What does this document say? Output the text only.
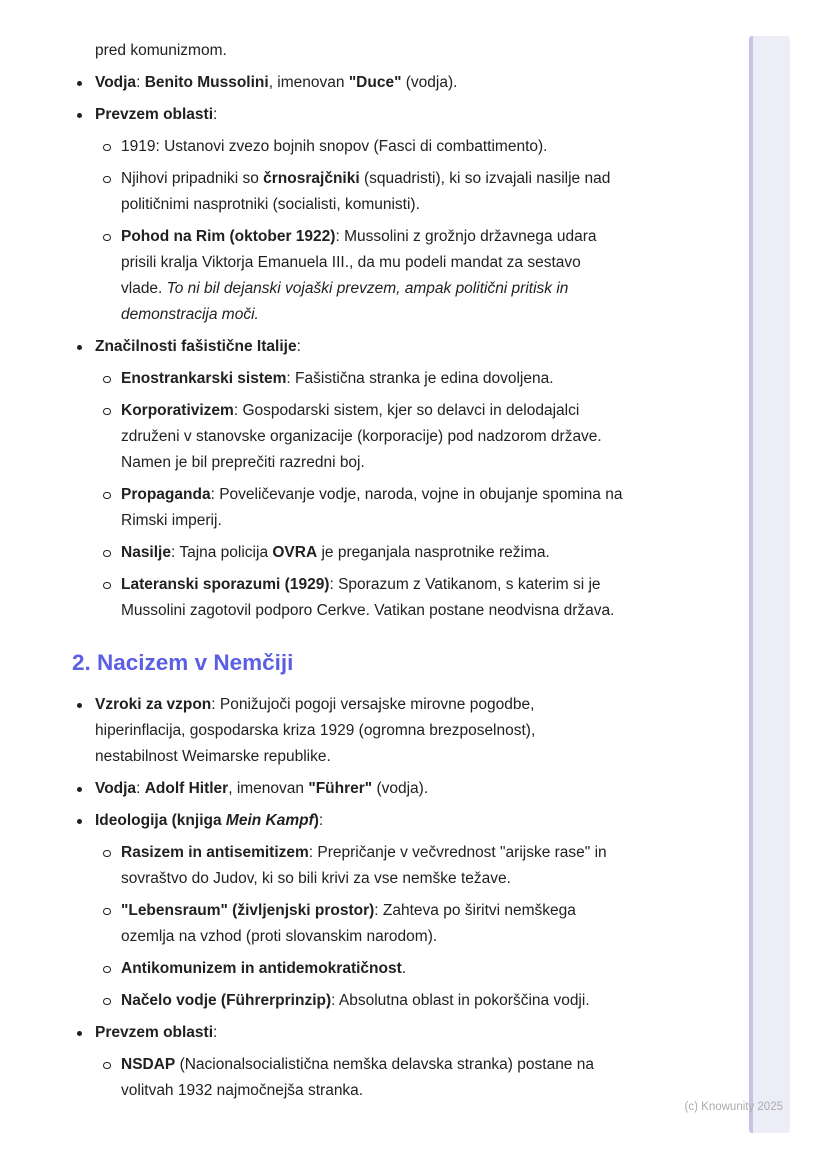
pred komunizmom.
Vodja: Benito Mussolini, imenovan "Duce" (vodja).
Prevzem oblasti:
1919: Ustanovi zvezo bojnih snopov (Fasci di combattimento).
Njihovi pripadniki so črnosrajčniki (squadristi), ki so izvajali nasilje nad
političnimi nasprotniki (socialisti, komunisti).
Pohod na Rim (oktober 1922): Mussolini z grožnjo državnega udara
prisili kralja Viktorja Emanuela III., da mu podeli mandat za sestavo
vlade. To ni bil dejanski vojaški prevzem, ampak politični pritisk in
demonstracija moči.
Značilnosti fašistične Italije:
Enostrankarski sistem: Fašistična stranka je edina dovoljena.
Korporativizem: Gospodarski sistem, kjer so delavci in delodajalci
združeni v stanovske organizacije (korporacije) pod nadzorom države.
Namen je bil preprečiti razredni boj.
Propaganda: Poveličevanje vodje, naroda, vojne in obujanje spomina na
Rimski imperij.
Nasilje: Tajna policija OVRA je preganjala nasprotnike režima.
Lateranski sporazumi (1929): Sporazum z Vatikanom, s katerim si je
Mussolini zagotovil podporo Cerkve. Vatikan postane neodvisna država.
2. Nacizem v Nemčiji
Vzroki za vzpon: Ponižujoči pogoji versajske mirovne pogodbe,
hiperinflacija, gospodarska kriza 1929 (ogromna brezposelnost),
nestabilnost Weimarske republike.
Vodja: Adolf Hitler, imenovan "Führer" (vodja).
Ideologija (knjiga Mein Kampf):
Rasizem in antisemitizem: Prepričanje v večvrednost "arijske rase" in
sovraštvo do Judov, ki so bili krivi za vse nemške težave.
"Lebensraum" (življenjski prostor): Zahteva po širitvi nemškega
ozemlja na vzhod (proti slovanskim narodom).
Antikomunizem in antidemokratičnost.
Načelo vodje (Führerprinzip): Absolutna oblast in pokorščina vodji.
Prevzem oblasti:
NSDAP (Nacionalsocialistična nemška delavska stranka) postane na
volitvah 1932 najmočnejša stranka.
(c) Knowunity 2025
